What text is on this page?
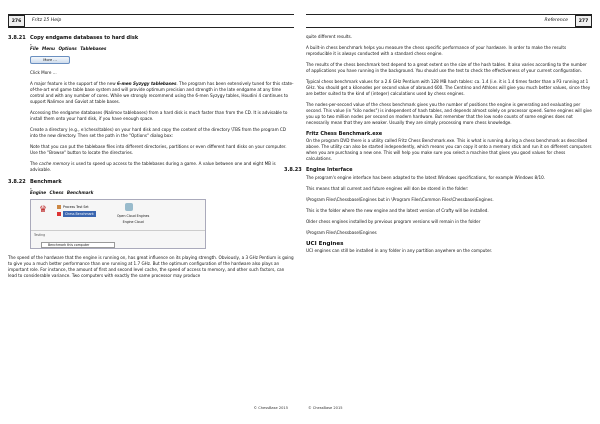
276	Fritz 15 Help
3.8.21 Copy endgame databases to hard disk
-
File Menu Options Tablebases
More ...

Click More ...

A major feature is the support of the new 6-men Syzygy tablebases. The program has been extensively tuned for this state-of-the-art end game table base system and will provide optimum precision and strength in the late endgame at any time control and with any number of cores. While we strongly recommend using the 6-men Syzygy tables, Houdini 4 continues to support Nalimov and Gaviot at table bases.

Accessing the endgame databases (Nalimov tablebases) from a hard disk is much faster than from the CD. It is advisable to install them onto your hard disk, if you have enough space.

Create a directory (e.g., e:\chess\tables) on your hard disk and copy the content of the directory \TBS from the program CD into the new directory. Then set the path in the "Options" dialog box:

Note that you can put the tablebase files into different directories, partitions or even different hard disks on your computer. Use the "Browse" button to locate the directories.

The cache memory is used to speed up access to the tablebases during a game. A value between one and eight MB is advisable.

3.8.22 Benchmark
-
Engine Chess Benchmark
♛	Process Test Set
Chess Benchmark	Open Cloud Engines
Engine Cloud
Testing
Benchmark this computer

The speed of the hardware that the engine is running on, has great influence on its playing strength. Obviously, a 3 GHz Pentium is going to give you a much better performance than one running at 1.7 GHz. But the optimum configuration of the hardware also plays an important role. For instance, the amount of first and second level cache, the speed of access to memory, and other such factors, can lead to considerable variance. Two computers with exactly the same processor may produce

© ChessBase 2015
Reference	277

quite different results.

A built-in chess benchmark helps you measure the chess specific performance of your hardware. In order to make the results reproducible it is always conducted with a standard chess engine.

The results of the chess benchmark test depend to a great extent on the size of the hash tables. It also varies according to the number of applications you have running in the background. You should use the test to check the effectiveness of your current configuration.

Typical chess benchmark values for a 2.6 GHz Pentium with 128 MB hash tables: ca. 1.4 (i.e. it is 1.4 times faster than a P3 running at 1 GHz. You should get a kilonodes per second value of abround 600. The Centrino and Athlons will give you much better values, since they are better suited to the kind of (integer) calculations used by chess engines.

The nodes-per-second value of the chess benchmark gives you the number of positions the engine is generating and evaluating per second. This value (in "kilo nodes") is independent of hash tables, and depends almost solely on processor speed. Some engines will give you up to two million nodes per second on modern hardware. But remember that the low node counts of some engines does not necessarily mean that they are weaker. Usually they are simply processing more chess knowledge.

Fritz Chess Benchmark.exe

On the program DVD there is a utility called Fritz Chess Benchmark.exe. This is what is running during a chess benchmark as described above. The utility can also be started independently, which means you can copy it onto a memory stick and run it on different computers when you are purchasing a new one. This will help you make sure you select a machine that gives you good values for chess calculations.

3.8.23 Engine Interface

The program's engine interface has been adapted to the latest Windows specifications, for example Windows 8/10.

This means that all current and future engines will don be stored in the folder:

\Program Files\Chessbase\Engines but in \Program Files\Common Files\Chessbase\Engines.

This is the folder where the new engine and the latest version of Crafty will be installed.

Older chess engines installed by previous program versions will remain in the folder

\Program Files\Chessbase\Engines

UCI Engines

UCI engines can still be installed in any folder in any partition anywhere on the computer.

© ChessBase 2015
